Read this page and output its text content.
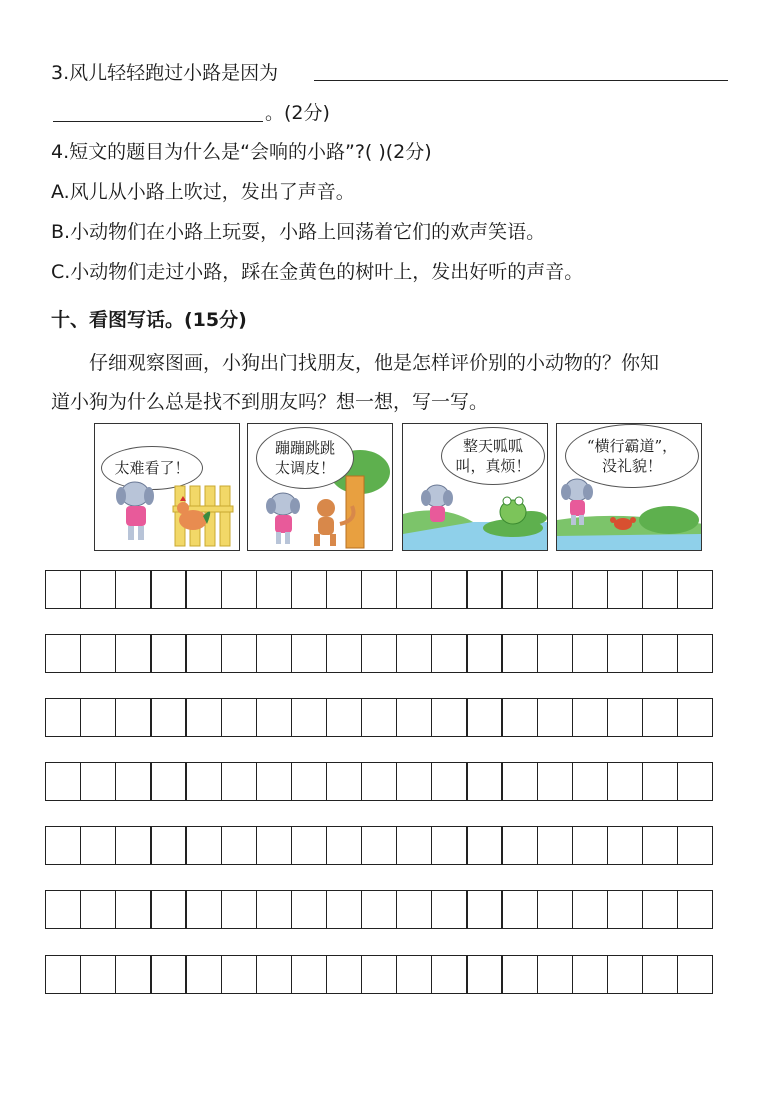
3.风儿轻轻跑过小路是因为
。(2分)
4.短文的题目为什么是“会响的小路”?( )(2分)
A.风儿从小路上吹过，发出了声音。
B.小动物们在小路上玩耍，小路上回荡着它们的欢声笑语。
C.小动物们走过小路，踩在金黄色的树叶上，发出好听的声音。
十、看图写话。(15分)
仔细观察图画，小狗出门找朋友，他是怎样评价别的小动物的？你知
道小狗为什么总是找不到朋友吗？想一想，写一写。
太难看了！
蹦蹦跳跳
太调皮！
整天呱呱
叫，真烦！
“横行霸道”，
没礼貌！
